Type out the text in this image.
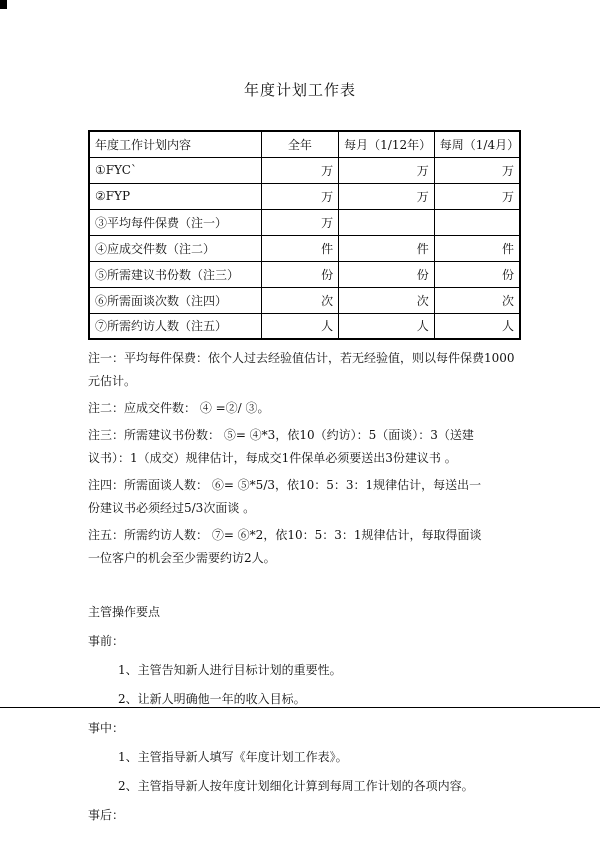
年度计划工作表
年度工作计划内容	全年	每月（1/12年）	每周（1/4月）
①FYC`	万	万	万
②FYP	万	万	万
③平均每件保费（注一）	万		
④应成交件数（注二）	件	件	件
⑤所需建议书份数（注三）	份	份	份
⑥所需面谈次数（注四）	次	次	次
⑦所需约访人数（注五）	人	人	人

注一：平均每件保费：依个人过去经验值估计，若无经验值，则以每件保费1000
元估计。

注二：应成交件数： ④ =②/ ③。

注三：所需建议书份数： ⑤= ④*3，依10（约访）：5（面谈）：3（送建
议书）：1（成交）规律估计，每成交1件保单必须要送出3份建议书 。

注四：所需面谈人数： ⑥= ⑤*5/3，依10：5：3：1规律估计，每送出一
份建议书必须经过5/3次面谈 。

注五：所需约访人数： ⑦= ⑥*2，依10：5：3：1规律估计，每取得面谈
一位客户的机会至少需要约访2人。

主管操作要点

事前：

1、主管告知新人进行目标计划的重要性。

2、让新人明确他一年的收入目标。

事中：

1、主管指导新人填写《年度计划工作表》。

2、主管指导新人按年度计划细化计算到每周工作计划的各项内容。

事后：
